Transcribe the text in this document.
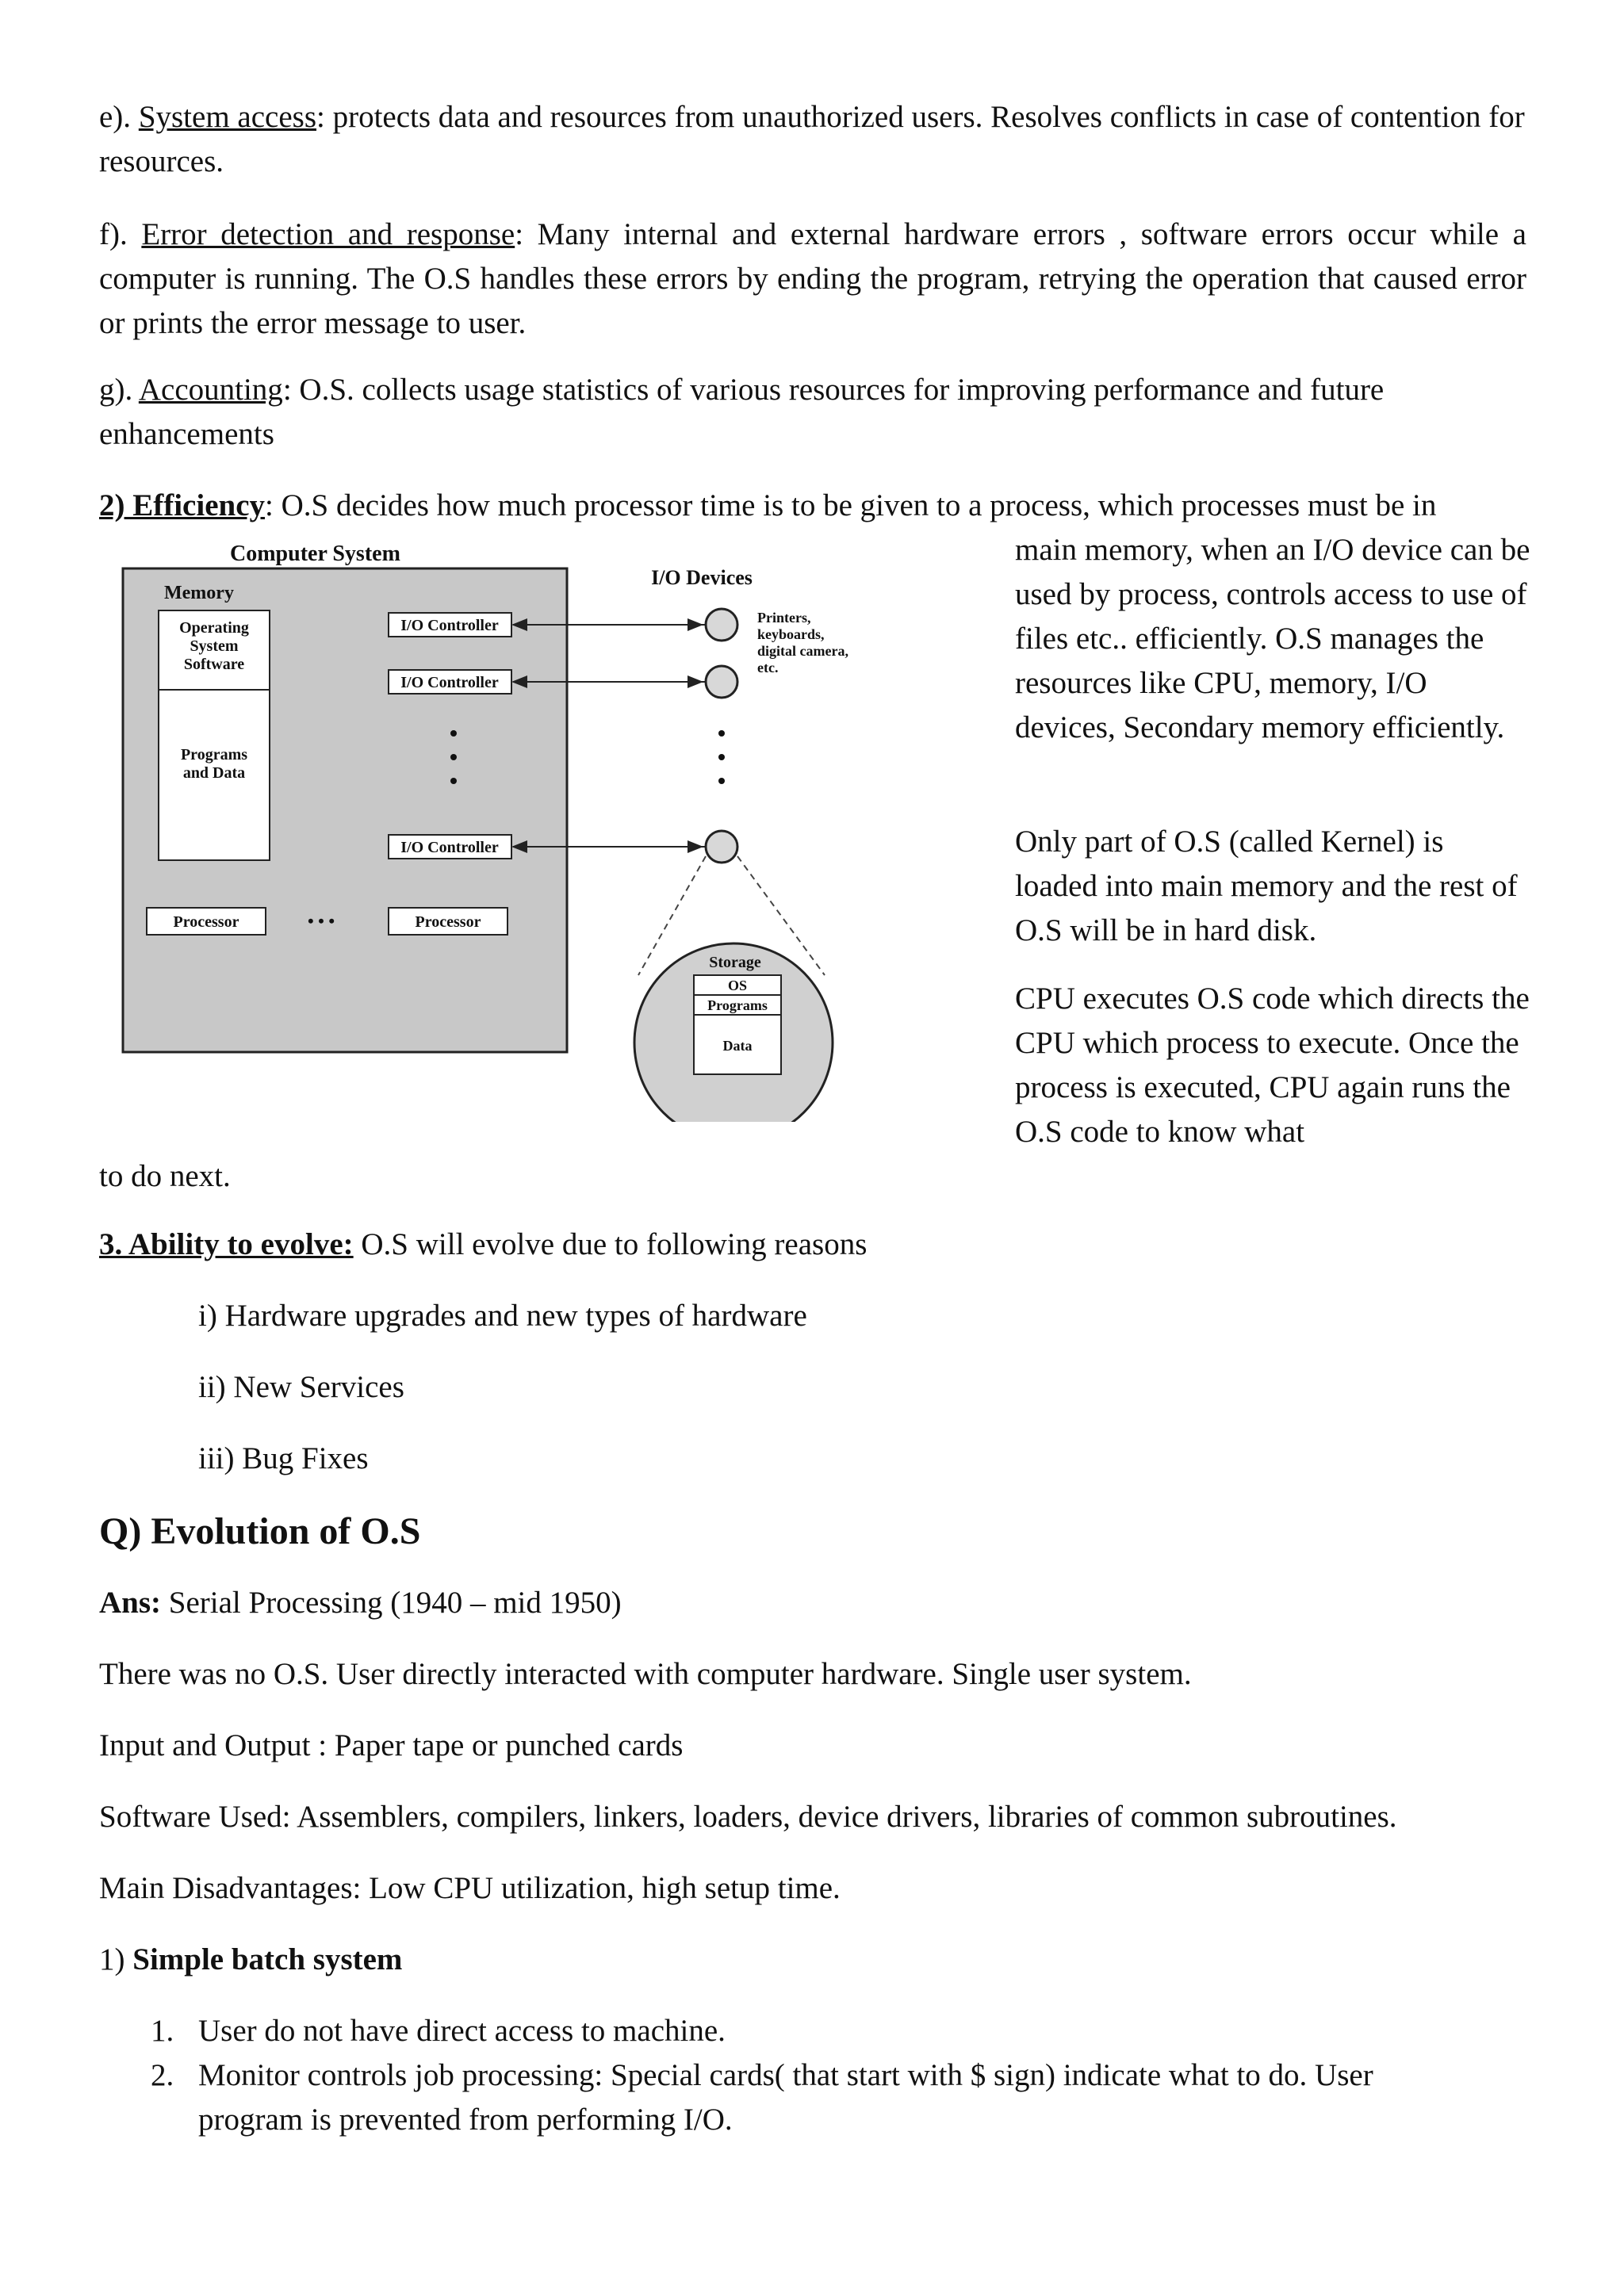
e). System access: protects data and resources from unauthorized users. Resolves conflicts in case of contention for resources.

f). Error detection and response: Many internal and external hardware errors , software errors occur while a computer is running. The O.S handles these errors by ending the program, retrying the operation that caused error or prints the error message to user.

g). Accounting: O.S. collects usage statistics of various resources for improving performance and future enhancements

2) Efficiency: O.S decides how much processor time is to be given to a process, which processes must be in

main memory, when an I/O device can be used by process, controls access to use of files etc.. efficiently. O.S manages the resources like CPU, memory, I/O devices, Secondary memory efficiently.

Only part of O.S (called Kernel) is loaded into main memory and the rest of O.S will be in hard disk.

CPU executes O.S code which directs the CPU which process to execute. Once the process is executed, CPU again runs the O.S code to know what

to do next.

Computer System
Memory
Operating
System
Software
Programs
and Data
I/O Controller
I/O Controller
I/O Controller
Processor	• • •	Processor
I/O Devices
Printers,
keyboards,
digital camera,
etc.
Storage
OS
Programs
Data

3. Ability to evolve: O.S will evolve due to following reasons

i) Hardware upgrades and new types of hardware

ii) New Services

iii) Bug Fixes

Q) Evolution of O.S

Ans: Serial Processing (1940 – mid 1950)

There was no O.S. User directly interacted with computer hardware. Single user system.

Input and Output : Paper tape or punched cards

Software Used: Assemblers, compilers, linkers, loaders, device drivers, libraries of common subroutines.

Main Disadvantages: Low CPU utilization, high setup time.

1) Simple batch system

1. User do not have direct access to machine.

2. Monitor controls job processing: Special cards( that start with $ sign) indicate what to do. User program is prevented from performing I/O.
